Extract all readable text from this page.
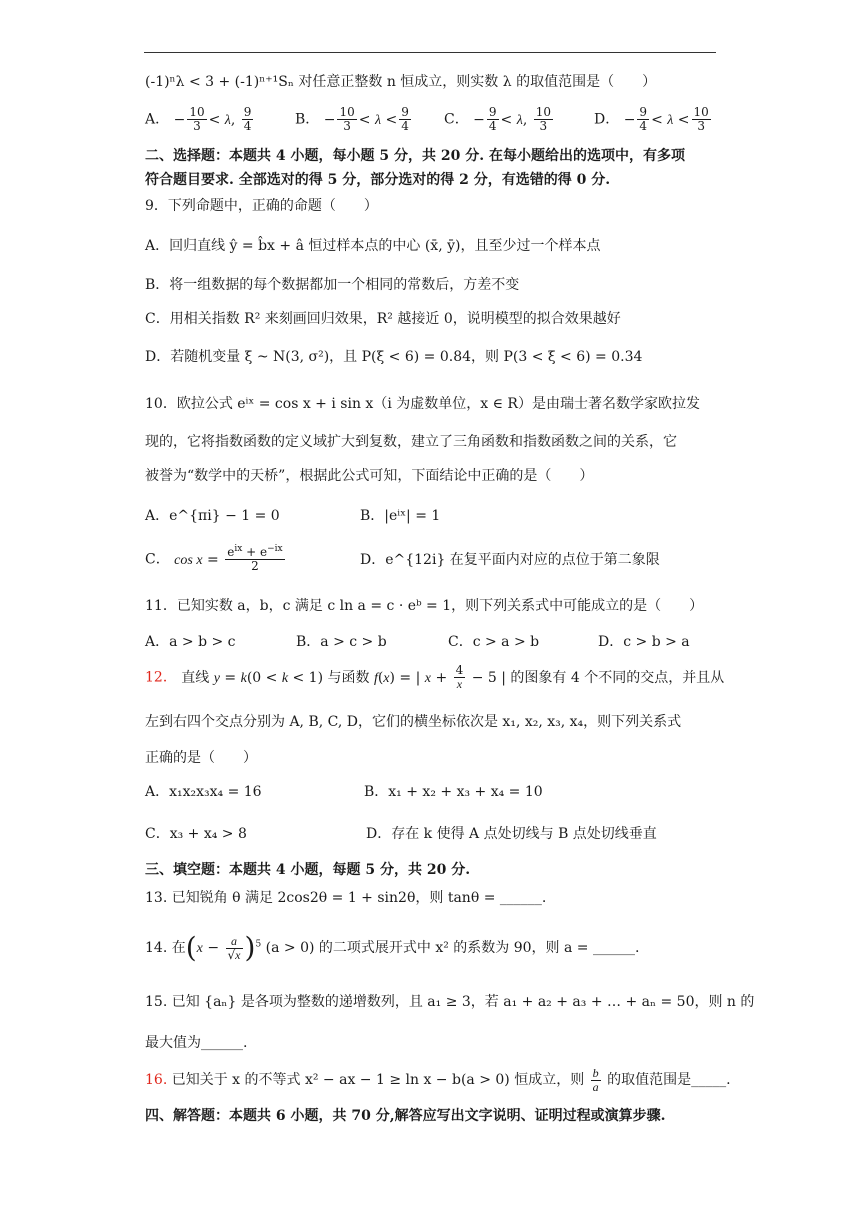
(-1)ⁿλ < 3 + (-1)ⁿ⁺¹Sₙ 对任意正整数 n 恒成立，则实数 λ 的取值范围是（　　）
A． − $\frac{10}{3} < \lambda$, $\frac{9}{4}$	B． − $\frac{10}{3} < \lambda < \frac{9}{4}$ C． − $\frac{9}{4} < \lambda$, $\frac{10}{3}$	D． − $\frac{9}{4} < \lambda < \frac{10}{3}$
二、选择题：本题共 4 小题，每小题 5 分，共 20 分. 在每小题给出的选项中，有多项
符合题目要求. 全部选对的得 5 分，部分选对的得 2 分，有选错的得 0 分.
9．下列命题中，正确的命题（　　）
A．回归直线 ŷ = b̂x + â 恒过样本点的中心 (x̄, ȳ)，且至少过一个样本点
B．将一组数据的每个数据都加一个相同的常数后，方差不变
C．用相关指数 R² 来刻画回归效果，R² 越接近 0，说明模型的拟合效果越好
D．若随机变量 ξ ~ N(3, σ²)，且 P(ξ < 6) = 0.84，则 P(3 < ξ < 6) = 0.34
10．欧拉公式 eⁱˣ = cos x + i sin x（i 为虚数单位，x ∈ R）是由瑞士著名数学家欧拉发
现的，它将指数函数的定义域扩大到复数，建立了三角函数和指数函数之间的关系，它
被誉为“数学中的天桥”，根据此公式可知，下面结论中正确的是（　　）
A．e^{πi} − 1 = 0	B．|eⁱˣ| = 1
C． $\cos x = \frac{e^{ix} + e^{-ix}}{2}$	D．e^{12i} 在复平面内对应的点位于第二象限
11．已知实数 a，b，c 满足 c ln a = c · eᵇ = 1，则下列关系式中可能成立的是（　　）
A．a > b > c	B．a > c > b	C．c > a > b	D．c > b > a
12． 直线 y = k(0 < k < 1) 与函数 f(x) = | $x + \frac{4}{x} - 5$ | 的图象有 4 个不同的交点，并且从
左到右四个交点分别为 A, B, C, D，它们的横坐标依次是 x₁, x₂, x₃, x₄，则下列关系式
正确的是（　　）
A．x₁x₂x₃x₄ = 16	B．x₁ + x₂ + x₃ + x₄ = 10
C．x₃ + x₄ > 8	D．存在 k 使得 A 点处切线与 B 点处切线垂直
三、填空题：本题共 4 小题，每题 5 分，共 20 分.
13. 已知锐角 θ 满足 2cos2θ = 1 + sin2θ，则 tanθ = ______.
14. 在$(x - \frac{a}{√x} )^5$ (a > 0) 的二项式展开式中 x² 的系数为 90，则 a = ______.
15. 已知 {aₙ} 是各项为整数的递增数列，且 a₁ ≥ 3，若 a₁ + a₂ + a₃ + … + aₙ = 50，则 n 的
最大值为______.
16. 已知关于 x 的不等式 x² − ax − 1 ≥ ln x − b(a > 0) 恒成立，则 $\frac{b}{a}$ 的取值范围是_____.
四、解答题：本题共 6 小题，共 70 分,解答应写出文字说明、证明过程或演算步骤.
